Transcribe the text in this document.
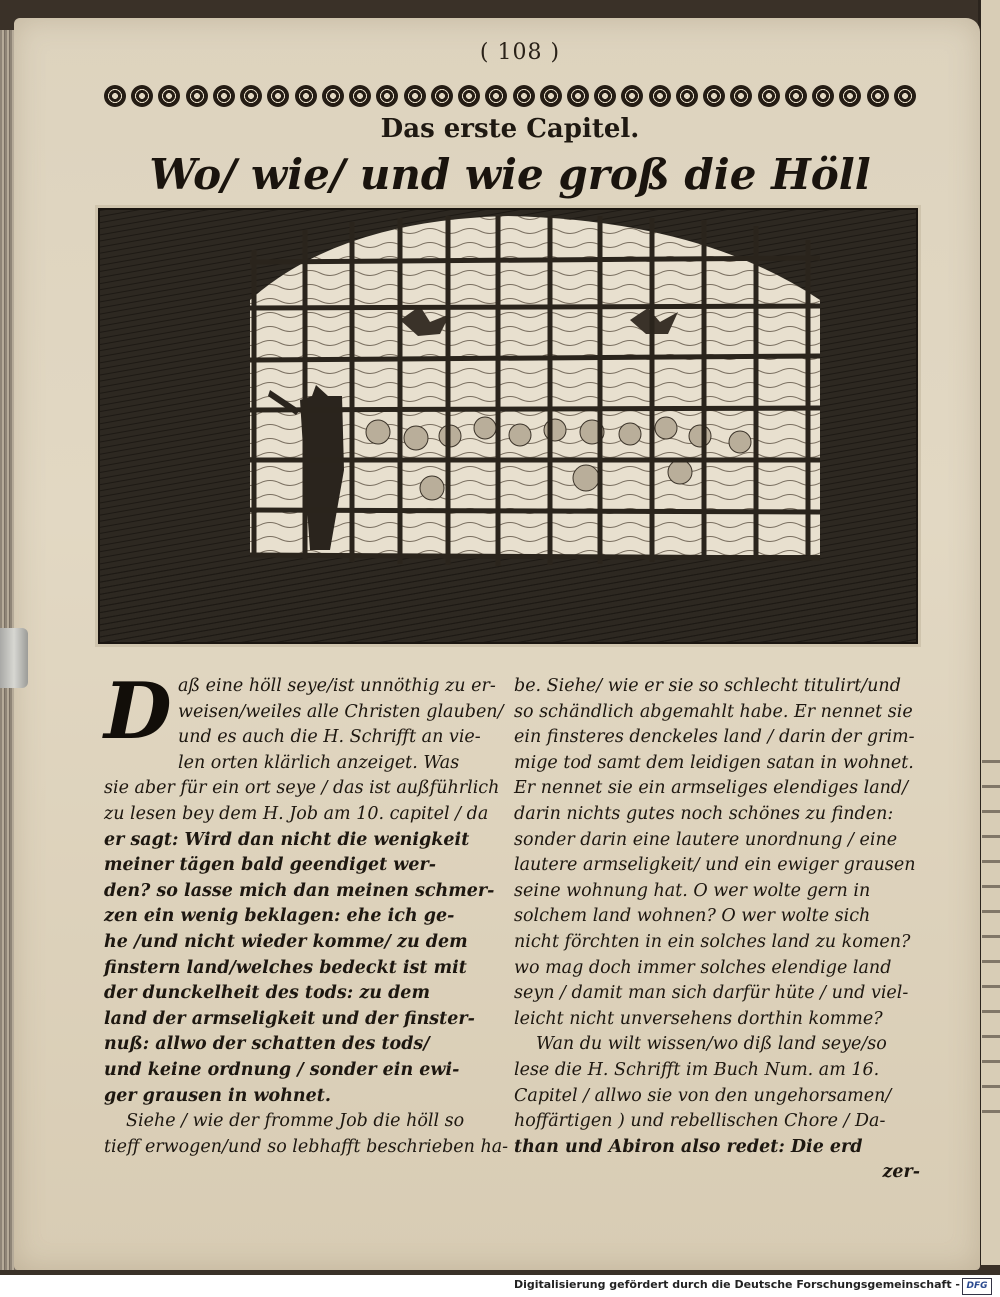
( 108 )
Das erste Capitel.
Wo/ wie/ und wie groß die Höll
D aß eine höll seye/ist unnöthig zu er-
weisen/weiles alle Christen glauben/
und es auch die H. Schrifft an vie-
len orten klärlich anzeiget. Was
sie aber für ein ort seye / das ist außführlich
zu lesen bey dem H. Job am 10. capitel / da
er sagt: Wird dan nicht die wenigkeit
meiner tägen bald geendiget wer-
den? so lasse mich dan meinen schmer-
zen ein wenig beklagen: ehe ich ge-
he /und nicht wieder komme/ zu dem
finstern land/welches bedeckt ist mit
der dunckelheit des tods: zu dem
land der armseligkeit und der finster-
nuß: allwo der schatten des tods/
und keine ordnung / sonder ein ewi-
ger grausen in wohnet.
Siehe / wie der fromme Job die höll so
tieff erwogen/und so lebhafft beschrieben ha-
be. Siehe/ wie er sie so schlecht titulirt/und
so schändlich abgemahlt habe. Er nennet sie
ein finsteres denckeles land / darin der grim-
mige tod samt dem leidigen satan in wohnet.
Er nennet sie ein armseliges elendiges land/
darin nichts gutes noch schönes zu finden:
sonder darin eine lautere unordnung / eine
lautere armseligkeit/ und ein ewiger grausen
seine wohnung hat. O wer wolte gern in
solchem land wohnen? O wer wolte sich
nicht förchten in ein solches land zu komen?
wo mag doch immer solches elendige land
seyn / damit man sich darfür hüte / und viel-
leicht nicht unversehens dorthin komme?
Wan du wilt wissen/wo diß land seye/so
lese die H. Schrifft im Buch Num. am 16.
Capitel / allwo sie von den ungehorsamen/
hoffärtigen ) und rebellischen Chore / Da-
than und Abiron also redet: Die erd
zer-
Digitalisierung gefördert durch die Deutsche Forschungsgemeinschaft - DFG
